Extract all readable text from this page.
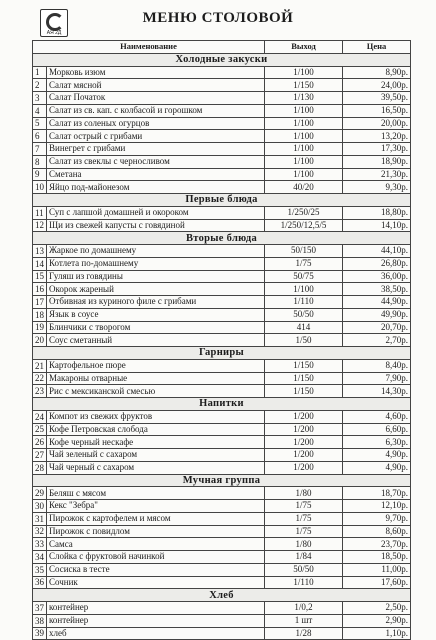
АЯ 2Д
МЕНЮ СТОЛОВОЙ
Наименование		Выход	Цена
Холодные закуски			
1	Морковь изюм	1/100	8,90р.
2	Салат мясной	1/150	24,00р.
3	Салат Початок	1/130	39,50р.
4	Салат из св. кап. с колбасой и горошком	1/100	16,50р.
5	Салат из соленых огурцов	1/100	20,00р.
6	Салат острый с грибами	1/100	13,20р.
7	Винегрет с грибами	1/100	17,30р.
8	Салат из свеклы с черносливом	1/100	18,90р.
9	Сметана	1/100	21,30р.
10	Яйцо под-майонезом	40/20	9,30р.
Первые блюда			
11	Суп с лапшой домашней и окороком	1/250/25	18,80р.
12	Щи из свежей капусты с говядиной	1/250/12,5/5	14,10р.
Вторые блюда			
13	Жаркое по домашнему	50/150	44,10р.
14	Котлета по-домашнему	1/75	26,80р.
15	Гуляш из говядины	50/75	36,00р.
16	Окорок жареный	1/100	38,50р.
17	Отбивная из куриного филе с грибами	1/110	44,90р.
18	Язык в соусе	50/50	49,90р.
19	Блинчики с творогом	414	20,70р.
20	Соус сметанный	1/50	2,70р.
Гарниры			
21	Картофельное пюре	1/150	8,40р.
22	Макароны отварные	1/150	7,90р.
23	Рис с мексиканской смесью	1/150	14,30р.
Напитки			
24	Компот из свежих фруктов	1/200	4,60р.
25	Кофе Петровская слобода	1/200	6,60р.
26	Кофе черный нескафе	1/200	6,30р.
27	Чай зеленый с сахаром	1/200	4,90р.
28	Чай черный с сахаром	1/200	4,90р.
Мучная группа			
29	Беляш с мясом	1/80	18,70р.
30	Кекс "Зебра"	1/75	12,10р.
31	Пирожок с картофелем и мясом	1/75	9,70р.
32	Пирожок с повидлом	1/75	8,60р.
33	Самса	1/80	23,70р.
34	Слойка с фруктовой начинкой	1/84	18,50р.
35	Сосиска в тесте	50/50	11,00р.
36	Сочник	1/110	17,60р.
Хлеб			
37	контейнер	1/0,2	2,50р.
38	контейнер	1 шт	2,90р.
39	хлеб	1/28	1,10р.
